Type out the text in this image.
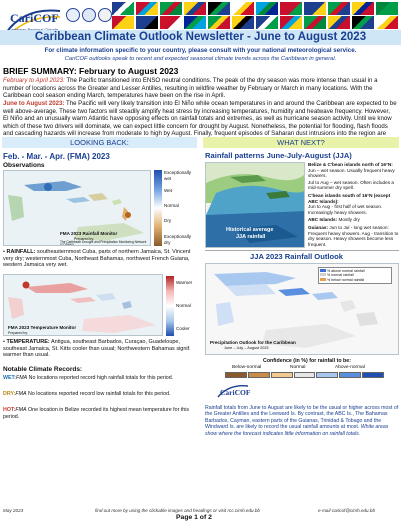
CariCOF
Caribbean Climate Outlook Newsletter - June to August 2023
For climate information specific to your country, please consult with your national meteorological service.
CariCOF outlooks speak to recent and expected seasonal climate trends across the Caribbean in general.
BRIEF SUMMARY: February to August 2023
February to April 2023: The Pacific transitioned into ENSO neutral conditions. The peak of the dry season was more intense than usual in a number of locations across the Greater and Lesser Antilles, resulting in wildfire weather by February or March in many locations. With the Caribbean cool season ending March, temperatures have been on the rise in April.
June to August 2023: The Pacific will very likely transition into El Niño while ocean temperatures in and around the Caribbean are expected to be well above-average. These two factors will steadily amplify heat stress by increasing temperatures, humidity and heatwave frequency. However, El Niño and an unusually warm Atlantic have opposing effects on rainfall totals and extremes, as well as hurricane season activity. Until we know which of these two drivers will dominate, we can expect little concern for drought by August. Nonetheless, the potential for flooding, flash floods and cascading hazards will increase from moderate to high by August. Finally, frequent episodes of Saharan dust intrusions into the region are
LOOKING BACK:	WHAT NEXT?
Feb. - Mar. - Apr. (FMA) 2023
Observations
FMA 2023 Rainfall Monitor
Prepared by:
The Caribbean Drought and Precipitation Monitoring Network (CDPMN)
Exceptionally wet
Wet
Normal
Dry
Exceptionally dry
• RAINFALL: southeasternmost Cuba, parts of northern Jamaica, St. Vincent very dry; westernmost Cuba, Northeast Bahamas, northwest French Guiana, western Jamaica very wet.
FMA 2023 Temperature Monitor
Prepared by:
Warmer
Normal
Cooler
• TEMPERATURE: Antigua, southeast Barbados, Curaçao, Guadeloupe, southeast Jamaica, St. Kitts cooler than usual; Northwestern Bahamas signif. warmer than usual.
Notable Climate Records:
WET:FMA No locations reported record high rainfall totals for this period.
DRY:FMA No locations reported record low rainfall totals for this period.
HOT:FMA One location in Belize recorded its highest mean temperature for this period.
Rainfall patterns June-July-August (JJA)
Historical average
JJA rainfall
Belize & C'bean islands north of 16°N:
Jun – wet season. Usually frequent heavy showers.
Jul to Aug – wet season. Often includes a mid-summer dry spell.
C'bean islands south of 16°N (except ABC Islands):
Jun to Aug - first half of wet season. Increasingly heavy showers.
ABC Islands: Mostly dry
Guianas: Jun to Jul - long wet season: Frequent heavy showers. Aug - transition to dry season. Heavy showers become less frequent.
JJA 2023 Rainfall Outlook
% above normal rainfall
% normal rainfall
% below normal rainfall
Precipitation Outlook for the Caribbean
June – July – August 2023
Confidence (in %) for rainfall to be:
Below-normal	Normal	Above-normal
CariCOF
Rainfall totals from June to August are likely to be the usual or higher across most of the Greater Antilles and the Leeward Is. By contrast, the ABC Is., The Bahamas Barbados, Cayman, eastern parts of the Guianas, Trinidad & Tobago and the Windward Is. are likely to record the usual rainfall amounts at most. White areas show where the forecast indicates little information on rainfall totals.
May 2023	find out more by using the clickable images and headings or visit rcc.cimh.edu.bb	e-mail caricof@cimh.edu.bb
Page 1 of 2
